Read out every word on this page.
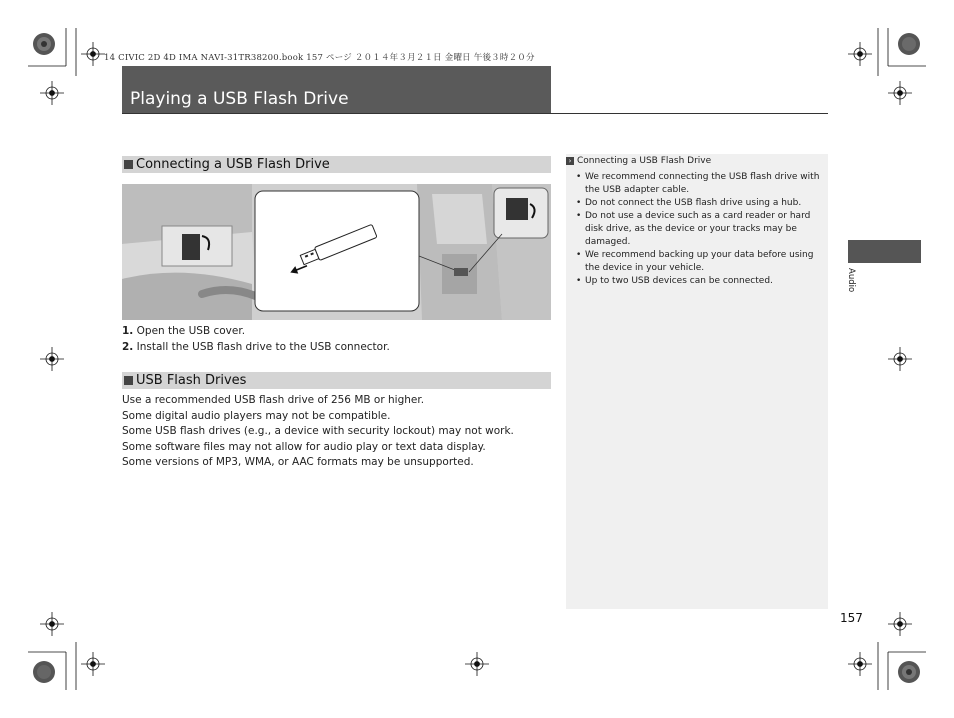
14 CIVIC 2D 4D IMA NAVI-31TR38200.book 157 ページ ２０１４年３月２１日 金曜日 午後３時２０分
Playing a USB Flash Drive
Connecting a USB Flash Drive
1. Open the USB cover.
2. Install the USB flash drive to the USB connector.
USB Flash Drives
Use a recommended USB flash drive of 256 MB or higher.
Some digital audio players may not be compatible.
Some USB flash drives (e.g., a device with security lockout) may not work.
Some software files may not allow for audio play or text data display.
Some versions of MP3, WMA, or AAC formats may be unsupported.
› Connecting a USB Flash Drive
• We recommend connecting the USB flash drive with the USB adapter cable.
• Do not connect the USB flash drive using a hub.
• Do not use a device such as a card reader or hard disk drive, as the device or your tracks may be damaged.
• We recommend backing up your data before using the device in your vehicle.
• Up to two USB devices can be connected.	Audio
157
